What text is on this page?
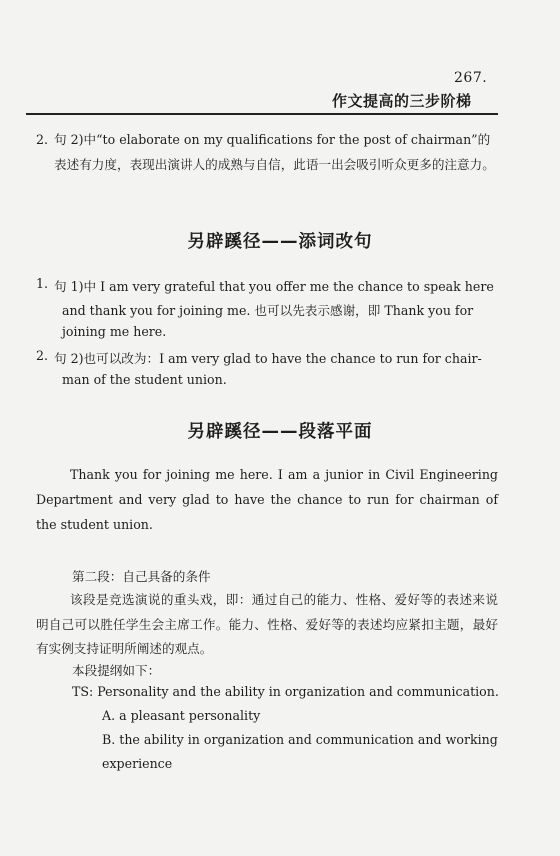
267.
作文提高的三步阶梯
2. 句 2)中“to elaborate on my qualifications for the post of chairman”的表述有力度，表现出演讲人的成熟与自信，此语一出会吸引听众更多的注意力。
另辟蹊径——添词改句
1. 句 1)中 I am very grateful that you offer me the chance to speak here
and thank you for joining me. 也可以先表示感谢，即 Thank you for
joining me here.
2. 句 2)也可以改为：I am very glad to have the chance to run for chair-
man of the student union.
另辟蹊径——段落平面
Thank you for joining me here. I am a junior in Civil Engineering Department and very glad to have the chance to run for chairman of the student union.
第二段：自己具备的条件
该段是竞选演说的重头戏，即：通过自己的能力、性格、爱好等的表述来说明自己可以胜任学生会主席工作。能力、性格、爱好等的表述均应紧扣主题，最好有实例支持证明所阐述的观点。
本段提纲如下：
TS: Personality and the ability in organization and communication.
A. a pleasant personality
B. the ability in organization and communication and working
experience
